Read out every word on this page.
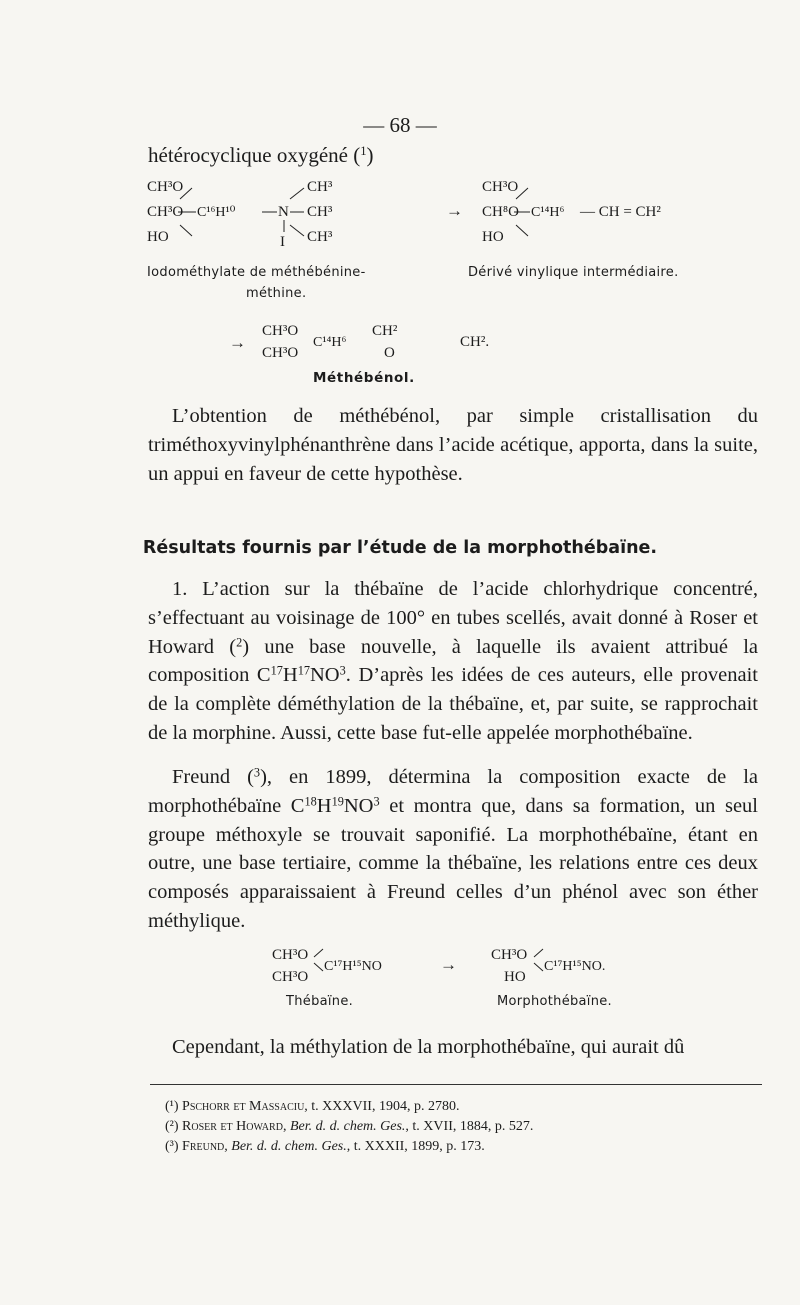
— 68 —
hétérocyclique oxygéné ($^1$)
CH³O
CH³O
HO
C¹⁶H¹⁰	N
CH³
CH³
CH³
I
→
CH³O
CH⁸O
HO
C¹⁴H⁶ — CH = CH²
Iodométhylate de méthébénine-
méthine.
Dérivé vinylique intermédiaire.
→
CH³O
CH³O
C¹⁴H⁶
CH²
O
CH².
Méthébénol.
L’obtention de méthébénol, par simple cristallisation du triméthoxyvinylphénanthrène dans l’acide acétique, apporta, dans la suite, un appui en faveur de cette hypothèse.
Résultats fournis par l’étude de la morphothébaïne.
1. L’action sur la thébaïne de l’acide chlorhydrique concentré, s’effectuant au voisinage de 100° en tubes scellés, avait donné à Roser et Howard ($^2$) une base nouvelle, à laquelle ils avaient attribué la composition $C^{17}H^{17}NO^3$. D’après les idées de ces auteurs, elle provenait de la complète déméthylation de la thébaïne, et, par suite, se rapprochait de la morphine. Aussi, cette base fut-elle appelée morphothébaïne.
Freund ($^3$), en 1899, détermina la composition exacte de la morphothébaïne $C^{18}H^{19}NO^3$ et montra que, dans sa formation, un seul groupe méthoxyle se trouvait saponifié. La morphothébaïne, étant en outre, une base tertiaire, comme la thébaïne, les relations entre ces deux composés apparaissaient à Freund celles d’un phénol avec son éther méthylique.
CH³O
CH³O
C¹⁷H¹⁵NO	→ CH³O
HO
C¹⁷H¹⁵NO.
Thébaïne.	Morphothébaïne.
Cependant, la méthylation de la morphothébaïne, qui aurait dû
(¹) Pschorr et Massaciu, t. XXXVII, 1904, p. 2780.
(²) Roser et Howard, Ber. d. d. chem. Ges., t. XVII, 1884, p. 527.
(³) Freund, Ber. d. d. chem. Ges., t. XXXII, 1899, p. 173.
